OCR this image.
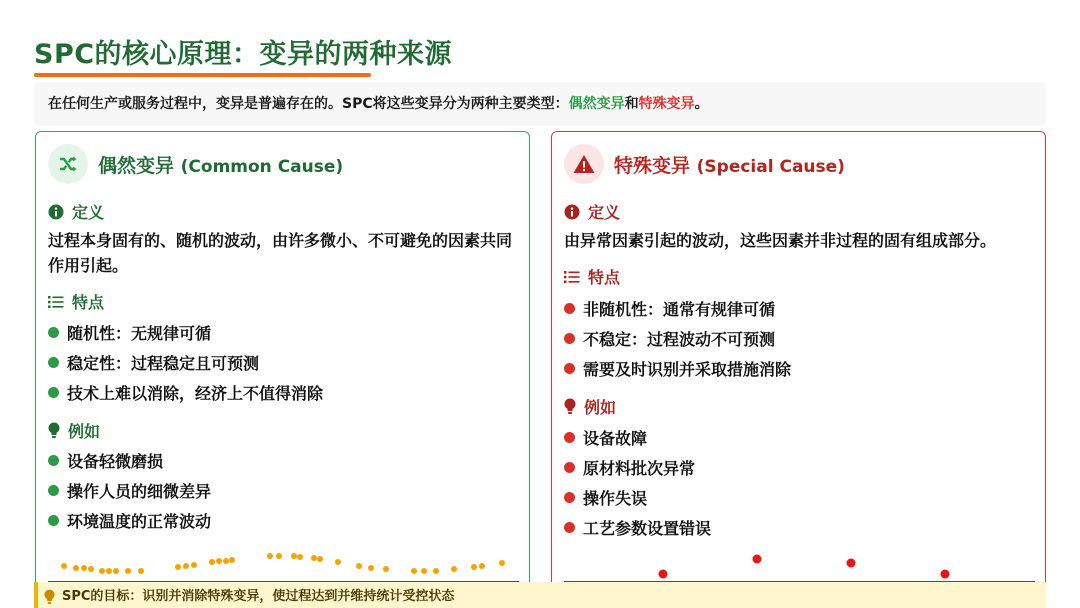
SPC的核心原理：变异的两种来源
在任何生产或服务过程中，变异是普遍存在的。SPC将这些变异分为两种主要类型：偶然变异和特殊变异。
偶然变异 (Common Cause)
定义
过程本身固有的、随机的波动，由许多微小、不可避免的因素共同作用引起。
特点
随机性：无规律可循
稳定性：过程稳定且可预测
技术上难以消除，经济上不值得消除
例如
设备轻微磨损
操作人员的细微差异
环境温度的正常波动
特殊变异 (Special Cause)
定义
由异常因素引起的波动，这些因素并非过程的固有组成部分。
特点
非随机性：通常有规律可循
不稳定：过程波动不可预测
需要及时识别并采取措施消除
例如
设备故障
原材料批次异常
操作失误
工艺参数设置错误
SPC的目标：识别并消除特殊变异，使过程达到并维持统计受控状态
